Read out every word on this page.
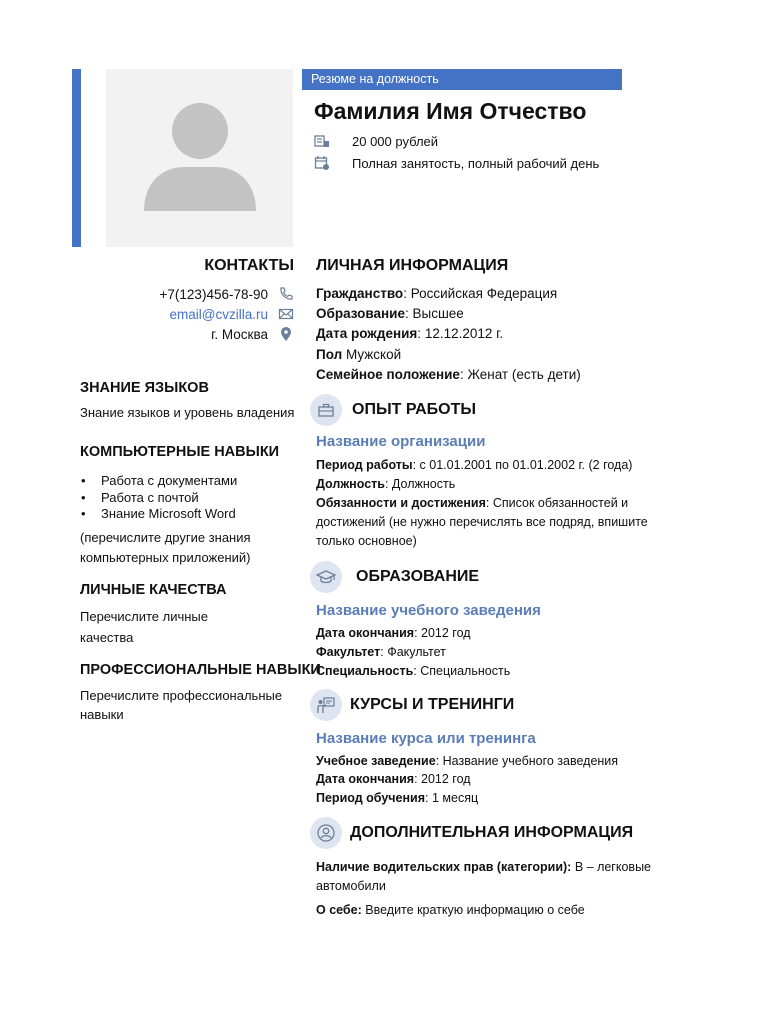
Резюме на должность
Фамилия Имя Отчество
20 000 рублей
Полная занятость, полный рабочий день
КОНТАКТЫ
+7(123)456-78-90
email@cvzilla.ru
г. Москва
ЗНАНИЕ ЯЗЫКОВ
Знание языков и уровень владения
КОМПЬЮТЕРНЫЕ НАВЫКИ
• Работа с документами
• Работа с почтой
• Знание Microsoft Word
(перечислите другие знания компьютерных приложений)
ЛИЧНЫЕ КАЧЕСТВА
Перечислите личные качества
ПРОФЕССИОНАЛЬНЫЕ НАВЫКИ
Перечислите профессиональные навыки
ЛИЧНАЯ ИНФОРМАЦИЯ
Гражданство: Российская Федерация
Образование: Высшее
Дата рождения: 12.12.2012 г.
Пол Мужской
Семейное положение: Женат (есть дети)
ОПЫТ РАБОТЫ
Название организации
Период работы: с 01.01.2001 по 01.01.2002 г. (2 года)
Должность: Должность
Обязанности и достижения: Список обязанностей и достижений (не нужно перечислять все подряд, впишите только основное)
ОБРАЗОВАНИЕ
Название учебного заведения
Дата окончания: 2012 год
Факультет: Факультет
Специальность: Специальность
КУРСЫ И ТРЕНИНГИ
Название курса или тренинга
Учебное заведение: Название учебного заведения
Дата окончания: 2012 год
Период обучения: 1 месяц
ДОПОЛНИТЕЛЬНАЯ ИНФОРМАЦИЯ
Наличие водительских прав (категории): B – легковые автомобили
О себе: Введите краткую информацию о себе
